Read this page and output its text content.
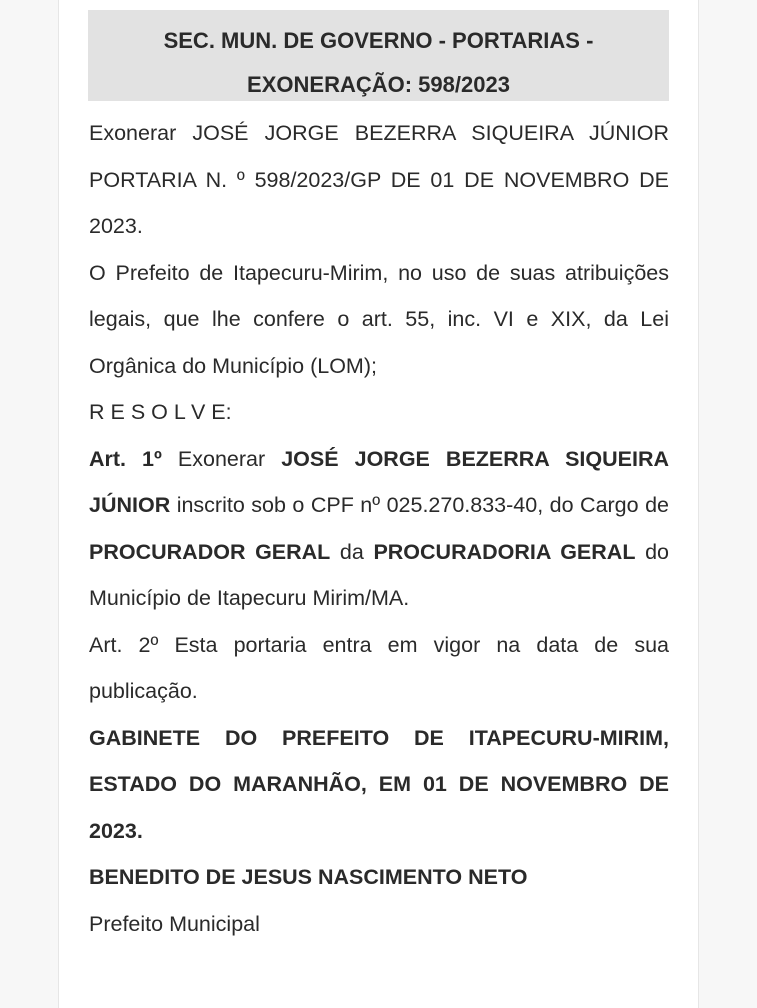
SEC. MUN. DE GOVERNO - PORTARIAS -
EXONERAÇÃO: 598/2023

Exonerar JOSÉ JORGE BEZERRA SIQUEIRA JÚNIOR PORTARIA N. º 598/2023/GP DE 01 DE NOVEMBRO DE 2023.

O Prefeito de Itapecuru-Mirim, no uso de suas atribuições legais, que lhe confere o art. 55, inc. VI e XIX, da Lei Orgânica do Município (LOM);

R E S O L V E:

Art. 1º Exonerar JOSÉ JORGE BEZERRA SIQUEIRA JÚNIOR inscrito sob o CPF nº 025.270.833-40, do Cargo de PROCURADOR GERAL da PROCURADORIA GERAL do Município de Itapecuru Mirim/MA.

Art. 2º Esta portaria entra em vigor na data de sua publicação.

GABINETE DO PREFEITO DE ITAPECURU-MIRIM, ESTADO DO MARANHÃO, EM 01 DE NOVEMBRO DE 2023.

BENEDITO DE JESUS NASCIMENTO NETO

Prefeito Municipal
